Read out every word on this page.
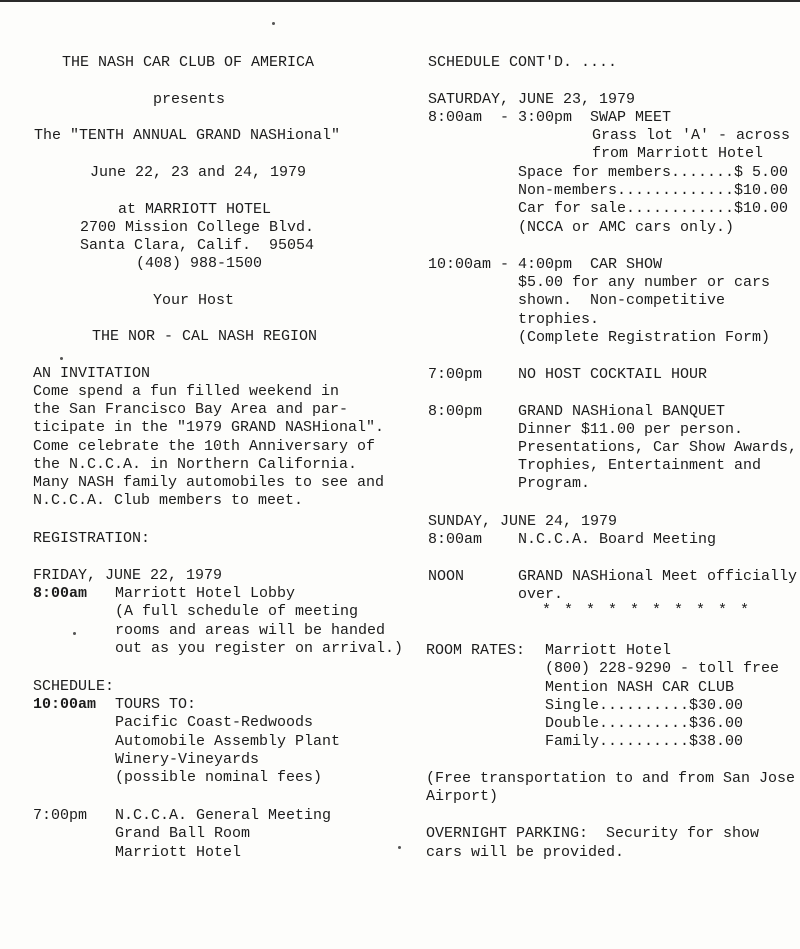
THE NASH CAR CLUB OF AMERICA
presents
The "TENTH ANNUAL GRAND NASHional"
June 22, 23 and 24, 1979
at MARRIOTT HOTEL
2700 Mission College Blvd.
Santa Clara, Calif.  95054
(408) 988-1500
Your Host
THE NOR - CAL NASH REGION
AN INVITATION
Come spend a fun filled weekend in
the San Francisco Bay Area and par-
ticipate in the "1979 GRAND NASHional".
Come celebrate the 10th Anniversary of
the N.C.C.A. in Northern California.
Many NASH family automobiles to see and
N.C.C.A. Club members to meet.
REGISTRATION:
FRIDAY, JUNE 22, 1979
8:00am Marriott Hotel Lobby
(A full schedule of meeting
rooms and areas will be handed
out as you register on arrival.)
SCHEDULE:
10:00am TOURS TO:
Pacific Coast-Redwoods
Automobile Assembly Plant
Winery-Vineyards
(possible nominal fees)
7:00pm N.C.C.A. General Meeting
Grand Ball Room
Marriott Hotel
SCHEDULE CONT'D. ....
SATURDAY, JUNE 23, 1979
8:00am  - 3:00pm SWAP MEET
Grass lot 'A' - across
from Marriott Hotel
Space for members.......$ 5.00
Non-members.............$10.00
Car for sale............$10.00
(NCCA or AMC cars only.)
10:00am - 4:00pm CAR SHOW
$5.00 for any number or cars
shown.  Non-competitive
trophies.
(Complete Registration Form)
7:00pm NO HOST COCKTAIL HOUR
8:00pm GRAND NASHional BANQUET
Dinner $11.00 per person.
Presentations, Car Show Awards,
Trophies, Entertainment and
Program.
SUNDAY, JUNE 24, 1979
8:00am N.C.C.A. Board Meeting
NOON	GRAND NASHional Meet officially
over.
* * * * * * * * * *
ROOM RATES: Marriott Hotel
(800) 228-9290 - toll free
Mention NASH CAR CLUB
Single..........$30.00
Double..........$36.00
Family..........$38.00
(Free transportation to and from San Jose
Airport)
OVERNIGHT PARKING:  Security for show
cars will be provided.
